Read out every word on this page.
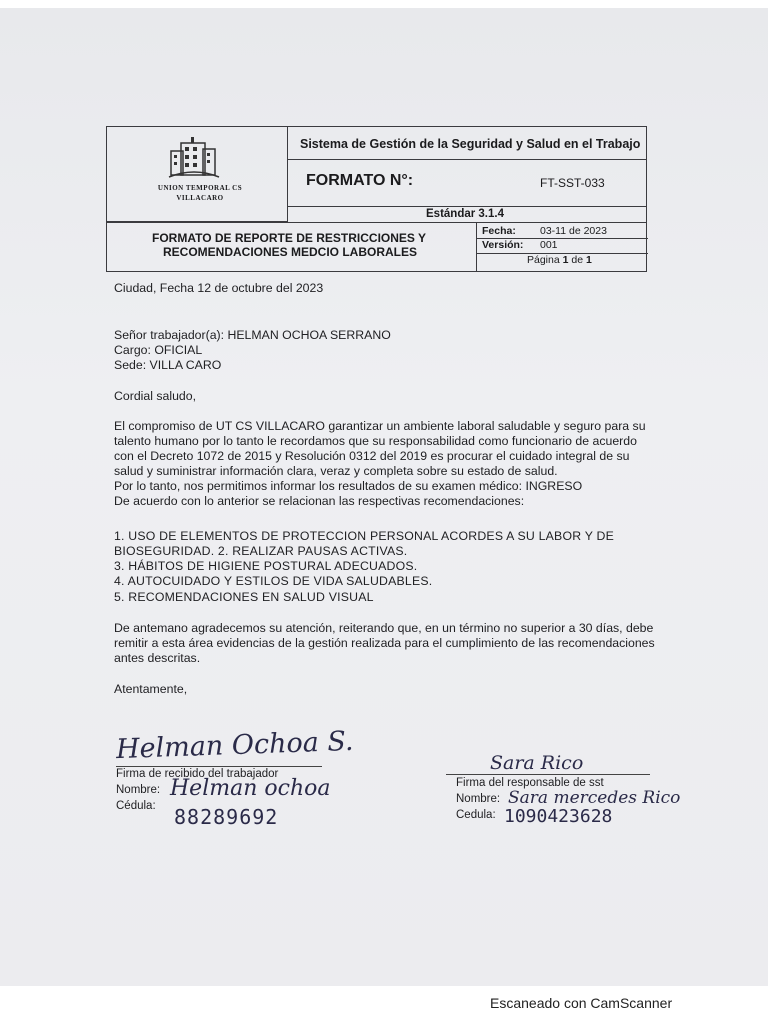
UNION TEMPORAL CS
VILLACARO
Sistema de Gestión de la Seguridad y Salud en el Trabajo
FORMATO N°:	FT-SST-033
Estándar 3.1.4
FORMATO DE REPORTE DE RESTRICCIONES Y
RECOMENDACIONES MEDCIO LABORALES
Fecha: 03-11 de 2023
Versión: 001
Página 1 de 1
Ciudad, Fecha 12 de octubre del 2023
Señor trabajador(a): HELMAN OCHOA SERRANO
Cargo: OFICIAL
Sede: VILLA CARO
Cordial saludo,
El compromiso de UT CS VILLACARO garantizar un ambiente laboral saludable y seguro para su
talento humano por lo tanto le recordamos que su responsabilidad como funcionario de acuerdo
con el Decreto 1072 de 2015 y Resolución 0312 del 2019 es procurar el cuidado integral de su
salud y suministrar información clara, veraz y completa sobre su estado de salud.
Por lo tanto, nos permitimos informar los resultados de su examen médico: INGRESO
De acuerdo con lo anterior se relacionan las respectivas recomendaciones:
1. USO DE ELEMENTOS DE PROTECCION PERSONAL ACORDES A SU LABOR Y DE
BIOSEGURIDAD. 2. REALIZAR PAUSAS ACTIVAS.
3. HÁBITOS DE HIGIENE POSTURAL ADECUADOS.
4. AUTOCUIDADO Y ESTILOS DE VIDA SALUDABLES.
5. RECOMENDACIONES EN SALUD VISUAL
De antemano agradecemos su atención, reiterando que, en un término no superior a 30 días, debe
remitir a esta área evidencias de la gestión realizada para el cumplimiento de las recomendaciones
antes descritas.
Atentamente,
Helman Ochoa S.
Firma de recibido del trabajador
Nombre: Helman ochoa
Cédula: 88289692
Sara Rico
Firma del responsable de sst
Nombre: Sara mercedes Rico
Cedula: 1090423628
Escaneado con CamScanner
